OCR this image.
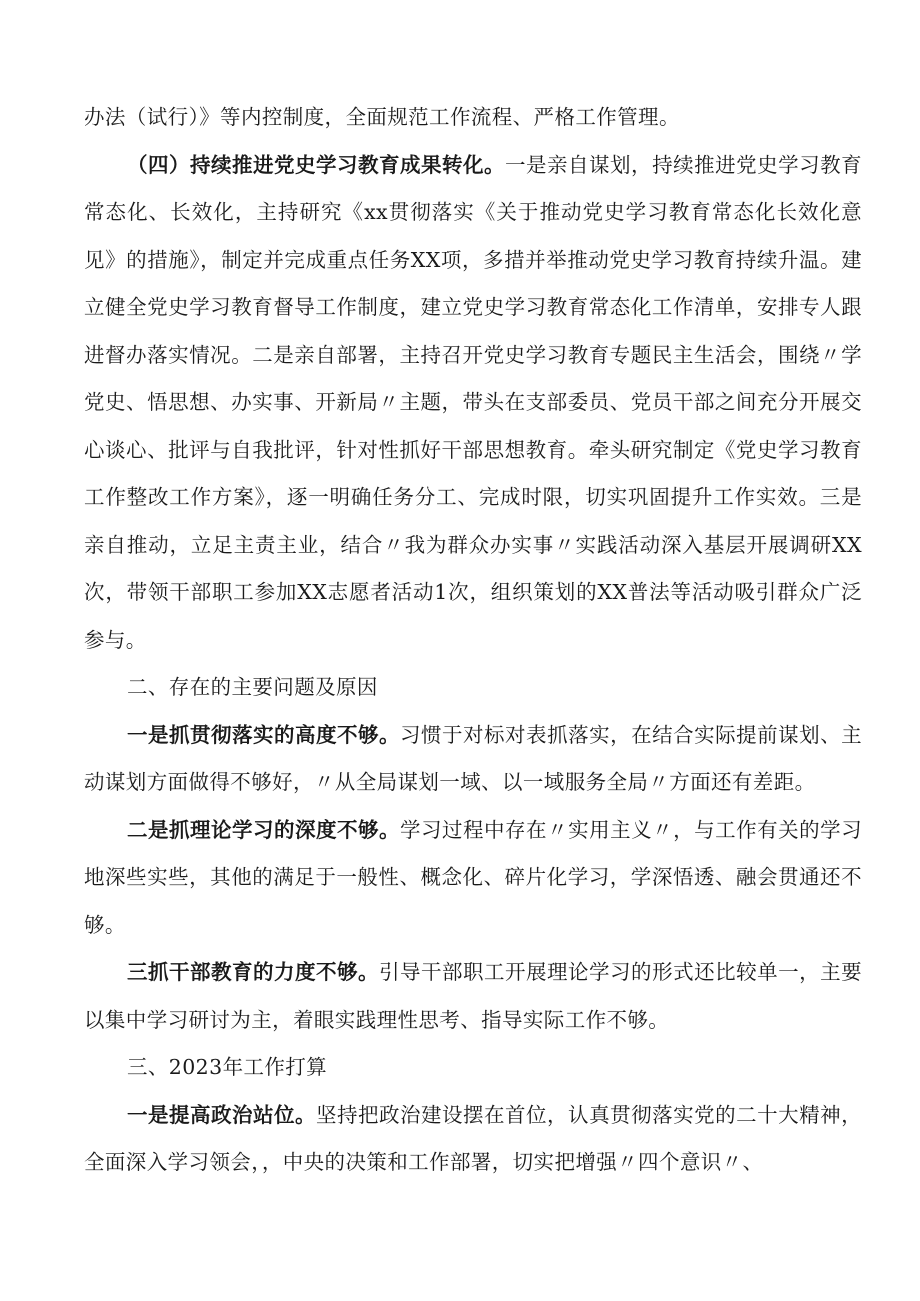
办法（试行）》等内控制度，全面规范工作流程、严格工作管理。

（四）持续推进党史学习教育成果转化。一是亲自谋划，持续推进党史学习教育常态化、长效化，主持研究《xx贯彻落实《关于推动党史学习教育常态化长效化意见》的措施》，制定并完成重点任务XX项，多措并举推动党史学习教育持续升温。建立健全党史学习教育督导工作制度，建立党史学习教育常态化工作清单，安排专人跟进督办落实情况。二是亲自部署，主持召开党史学习教育专题民主生活会，围绕〃学党史、悟思想、办实事、开新局〃主题，带头在支部委员、党员干部之间充分开展交心谈心、批评与自我批评，针对性抓好干部思想教育。牵头研究制定《党史学习教育工作整改工作方案》，逐一明确任务分工、完成时限，切实巩固提升工作实效。三是亲自推动，立足主责主业，结合〃我为群众办实事〃实践活动深入基层开展调研XX次，带领干部职工参加XX志愿者活动1次，组织策划的XX普法等活动吸引群众广泛参与。

二、存在的主要问题及原因

一是抓贯彻落实的高度不够。习惯于对标对表抓落实，在结合实际提前谋划、主动谋划方面做得不够好，〃从全局谋划一域、以一域服务全局〃方面还有差距。

二是抓理论学习的深度不够。学习过程中存在〃实用主义〃，与工作有关的学习地深些实些，其他的满足于一般性、概念化、碎片化学习，学深悟透、融会贯通还不够。

三抓干部教育的力度不够。引导干部职工开展理论学习的形式还比较单一，主要以集中学习研讨为主，着眼实践理性思考、指导实际工作不够。

三、2023年工作打算

一是提高政治站位。坚持把政治建设摆在首位，认真贯彻落实党的二十大精神，全面深入学习领会，，中央的决策和工作部署，切实把增强〃四个意识〃、
